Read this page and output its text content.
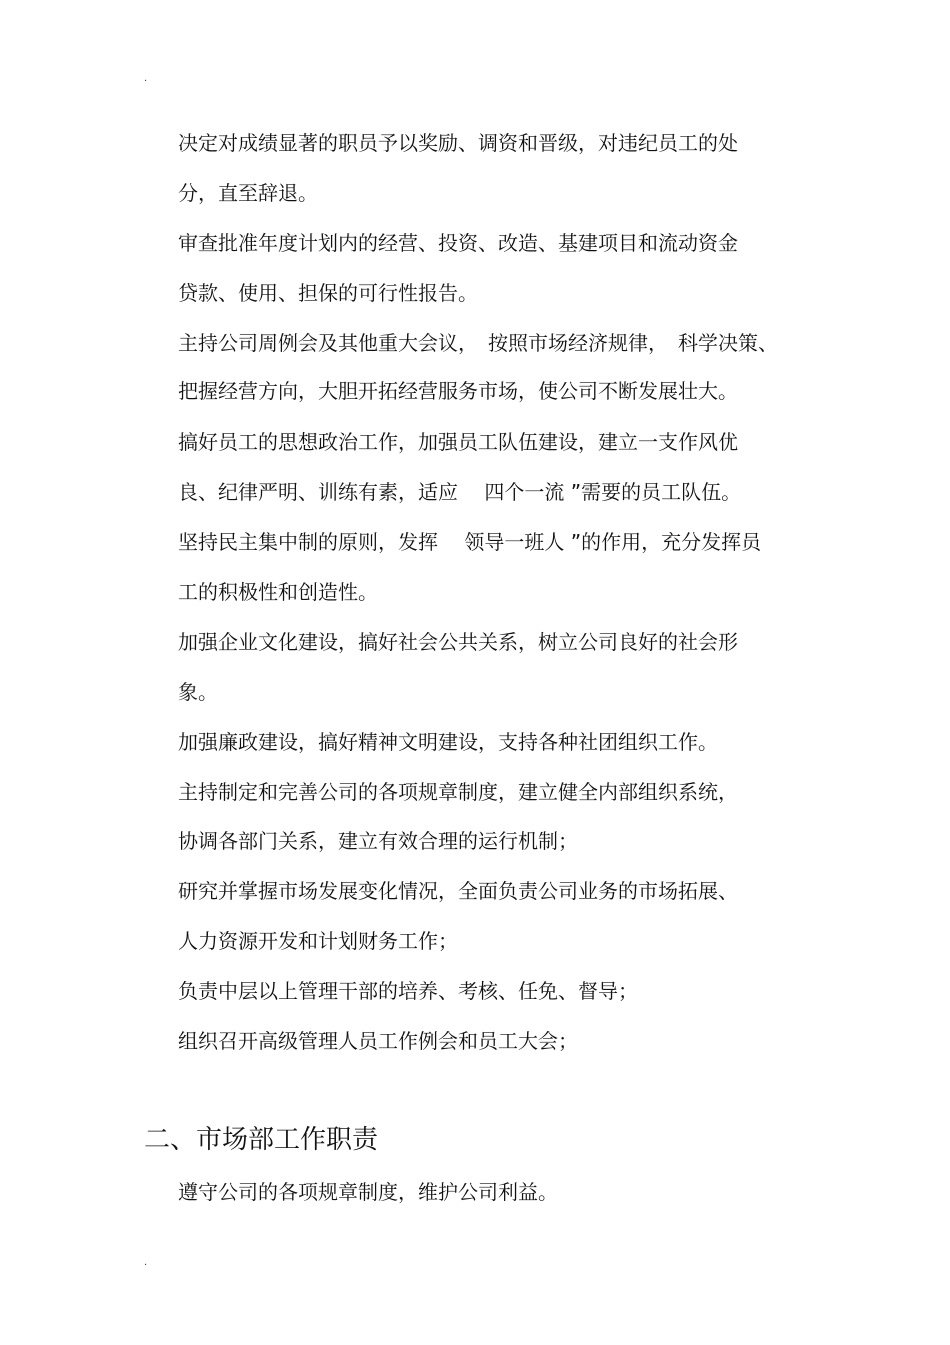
.
决定对成绩显著的职员予以奖励、调资和晋级，对违纪员工的处
分，直至辞退。
审查批准年度计划内的经营、投资、改造、基建项目和流动资金
贷款、使用、担保的可行性报告。
主持公司周例会及其他重大会议，　按照市场经济规律，　科学决策、
把握经营方向，大胆开拓经营服务市场，使公司不断发展壮大。
搞好员工的思想政治工作，加强员工队伍建设，建立一支作风优
良、纪律严明、训练有素，适应　 四个一流 ”需要的员工队伍。
坚持民主集中制的原则，发挥　 领导一班人 ”的作用，充分发挥员
工的积极性和创造性。
加强企业文化建设，搞好社会公共关系，树立公司良好的社会形
象。
加强廉政建设，搞好精神文明建设，支持各种社团组织工作。
主持制定和完善公司的各项规章制度，建立健全内部组织系统，
协调各部门关系，建立有效合理的运行机制；
研究并掌握市场发展变化情况，全面负责公司业务的市场拓展、
人力资源开发和计划财务工作；
负责中层以上管理干部的培养、考核、任免、督导；
组织召开高级管理人员工作例会和员工大会；
二、市场部工作职责
遵守公司的各项规章制度，维护公司利益。
.
